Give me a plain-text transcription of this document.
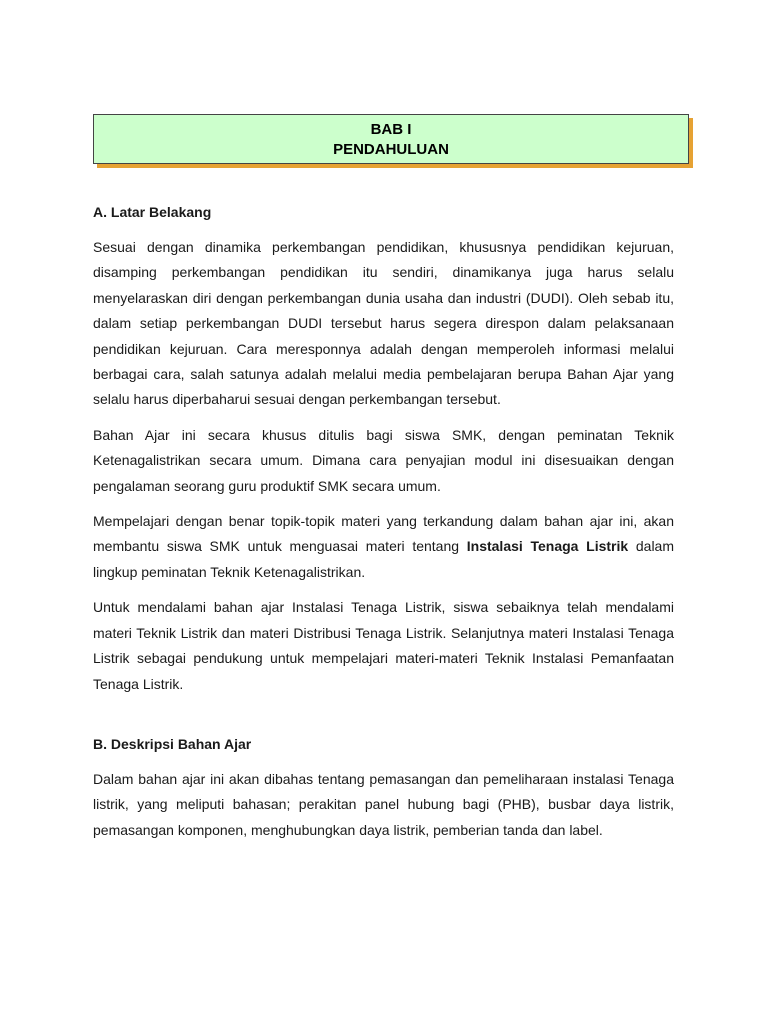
BAB I
PENDAHULUAN

A. Latar Belakang

Sesuai dengan dinamika perkembangan pendidikan, khususnya pendidikan kejuruan, disamping perkembangan pendidikan itu sendiri, dinamikanya juga harus selalu menyelaraskan diri dengan perkembangan dunia usaha dan industri (DUDI). Oleh sebab itu, dalam setiap perkembangan DUDI tersebut harus segera direspon dalam pelaksanaan pendidikan kejuruan. Cara meresponnya adalah dengan memperoleh informasi melalui berbagai cara, salah satunya adalah melalui media pembelajaran berupa Bahan Ajar yang selalu harus diperbaharui sesuai dengan perkembangan tersebut.

Bahan Ajar ini secara khusus ditulis bagi siswa SMK, dengan peminatan Teknik Ketenagalistrikan secara umum. Dimana cara penyajian modul ini disesuaikan dengan pengalaman seorang guru produktif SMK secara umum.

Mempelajari dengan benar topik-topik materi yang terkandung dalam bahan ajar ini, akan membantu siswa SMK untuk menguasai materi tentang Instalasi Tenaga Listrik dalam lingkup peminatan Teknik Ketenagalistrikan.

Untuk mendalami bahan ajar Instalasi Tenaga Listrik, siswa sebaiknya telah mendalami materi Teknik Listrik dan materi Distribusi Tenaga Listrik. Selanjutnya materi Instalasi Tenaga Listrik sebagai pendukung untuk mempelajari materi-materi Teknik Instalasi Pemanfaatan Tenaga Listrik.

B. Deskripsi Bahan Ajar

Dalam bahan ajar ini akan dibahas tentang pemasangan dan pemeliharaan instalasi Tenaga listrik, yang meliputi bahasan; perakitan panel hubung bagi (PHB), busbar daya listrik, pemasangan komponen, menghubungkan daya listrik, pemberian tanda dan label.
